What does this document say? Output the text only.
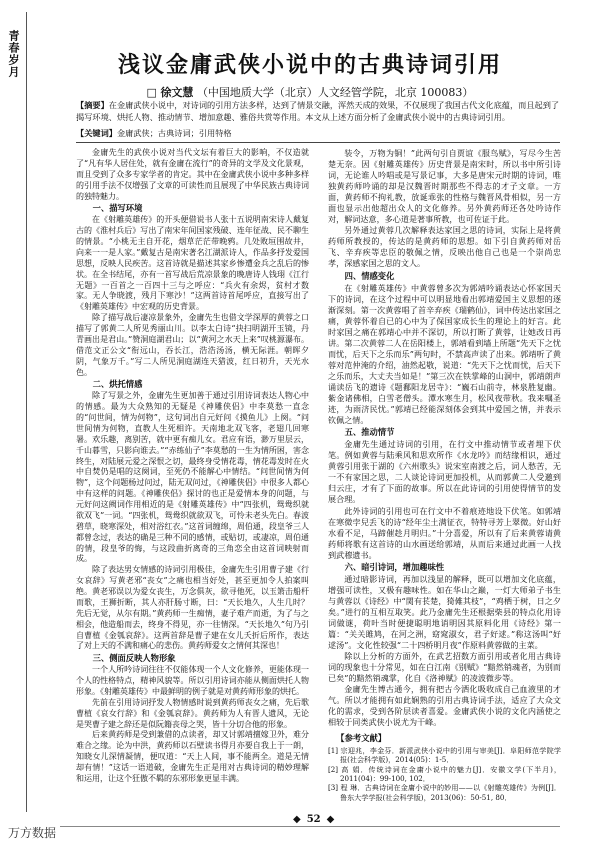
青春岁月	浅议金庸武侠小说中的古典诗词引用
□ 徐文慧 （中国地质大学（北京）人文经管学院，北京 100083）
【摘要】在金庸武侠小说中，对诗词的引用方法多样，达到了情景交融，浑然天成的效果，不仅展现了我国古代文化底蕴，而且起到了揭写环境、烘托人物、推动情节、增加意趣、雅俗共赏等作用。本文从上述方面分析了金庸武侠小说中的古典诗词引用。
【关键词】金庸武侠；古典诗词；引用特格

金庸先生的武侠小说对当代文坛有着巨大的影响，不仅造就了“凡有华人居住处，就有金庸在流行”的奇异的文学及文化景观，而且受到了众多专家学者的肯定。其中在金庸武侠小说中多种多样的引用手法不仅增强了文章的可读性而且展现了中华民族古典诗词的独特魅力。

一、描写环境

在《射雕英雄传》的开头便借说书人张十五说明南宋诗人戴复古的《淮村兵后》写出了南宋年间国家残破、连年征战、民不聊生的情景。“小桃无主自开花，烟草茫茫带晚鸦。几处败垣围故井，向来一一是人家。”戴复古是南宋著名江湖派诗人，作品多抒发爱国思想，反映人民疾苦。这首诗就是描述其家乡惨遭金兵之乱后的惨状。在全书结尾，亦有一首写战后荒凉景象的晚唐诗人钱珝《江行无题》一百首之一百四十三与之呼应：“兵火有余烬，贫村才数家。无人争晓渡，残月下寒沙！”这两首诗首尾呼应，直接写出了《射雕英雄传》中宏观的历史背景。

除了描写战后凄凉景象外，金庸先生也借文学深厚的黄蓉之口描写了郭黄二人所见秀丽山川。以李太白诗“抉扫明湖开玉镜，丹青画出是君山。”赞洞庭湖君山；以“黄河之水天上来”叹桃源瀑布。借范文正公文“衔远山，吞长江，浩浩汤汤，横无际涯。朝晖夕阴，气象万千。”写二人所见洞庭湖连天猎波，红日初升，天光水色。

二、烘托情感

除了写景之外，金庸先生更加善于通过引用诗词表达人物心中的情感。最为大众熟知的无疑是《神雕侠侣》中李莫愁一直念的“问世间，情为何物”，这句词出自元好问《摸鱼儿》上阕。“问世间情为何物，直教人生死相许。天南地北双飞客，老翅几回寒暑。欢乐趣，离别苦，就中更有痴儿女。君应有语，渺万里层云，千山暮雪，只影向谁去。”“赤练仙子”李莫愁的一生为情所困，害念终生，对陆展元爱之深恨之切，最终身受情花毒，情花毒发时在火中自焚仍是唱的这阕词，至死仍不能解心中情结。“问世间情为何物”，这个问题杨过问过，陆无双问过，《神雕侠侣》中很多人都心中有这样的问题。《神雕侠侣》探讨的也正是爱情本身的问题，与元好问这阙词作用相近的是《射雕英雄传》中“四张机，鸳鸯织就欲双飞”一词。“四张机，鸳鸯织就欲双飞，可怜未老头先白。春波碧草，晓寒深处，相对浴红衣。”这首词缠绵，周伯通，段皇爷三人都曾念过，表达的确是三种不同的感情，或贴切，或凄凉，周伯通的情，段皇爷的悔，与这段曲折离奇的三角恋全由这首词映射而成。

除了表达男女情感的诗词引用极佳，金庸先生引用曹子建《行女哀辞》写黄老邪“丧女”之痛也相当好处，甚至更加令人拍案叫绝。黄老邪误以为爱女丧生，万念俱灰，欲寻他死，以玉箫击船杆而歌，王狮折断，其人亦肝肠寸断，曰：“天长地久，人生几时？先后无觉，从尔有期。”黄药师一生痴情，妻子难产而逝，为了与之相会，他造船而去，终身不得见，亦一往情深。“天长地久”句乃引自曹植《金瓠哀辞》。这两首辞是曹子建在女儿夭折后所作，表达了对上天的不满和痛心的悲伤。黄药师爱女之情何其深也！

三、侧面反映人物形象

一个人所吟诗词往往不仅能体现一个人文化修养，更能体现一个人的性格特点，精神风貌等。所以引用诗词亦能从侧面烘托人物形象。《射雕英雄传》中最鲜明的例子就是对黄药师形象的烘托。

先前在引用诗词抒发人物情感时说到黄药师丧女之痛，先后歌曹植《哀女行辞》和《金瓠哀辞》。黄药师为人有晋人遗风，无论是哭曹子建之辞还是似阮籍丧母之哭，皆十分切合他的形象。

后来黄药师是受到兼借的点读者，却又讨郭靖擅嫁卫外，难分难合之缘。论为中洪，黄药师以石壁读书得月亦要自我上于一朗，知晓女儿深情凝情，便叹道：“天上人间，事不能两全。道是无情却有情！”这话一语道破，金庸先生正是用对古典诗词的精妙理解和运用，让这个狂傲不羁的东邪形象更显丰满。

装令，万物为铜！”此两句引自贾谊《服鸟赋》，写尽今生苦楚无奈。因《射雕英雄传》历史背景是南宋时，所以书中所引诗词，无论谁人吟唱或是写景记事，大多是唐宋元时期的诗词，唯独黄药师吟诵的却是汉魏晋时期那些不得志的才子文章。一方面，黄药师不拘礼教，放诞乖张的性格与魏晋风骨相似，另一方面也显示出他超出众人的文化修养。另外黄药师还各处吟诗作对，解词达意，多心道是著事所教，也可佐证于此。

另外通过黄蓉几次解释表达家国之思的诗词，实际上是将黄药师所教授的，传达的是黄药师的思想。如下引自黄药师对岳飞、辛弃疾等忠臣的敬佩之情，反映出他自己也是一个崇尚忠孝，深感家国之思的文人。

四、情感变化

在《射雕英雄传》中黄蓉曾多次为郭靖吟诵表达心怀家国天下的诗词，在这个过程中可以明显地看出郭靖爱国主义思想的逐渐深刻。第一次黄蓉唱了首辛弃疾《瑞鹤仙》，词中传达出家国之痛，黄蓉怀着自已的心中为了保国家成长生的理论上的好言。此时家国之痛在郭靖心中并不深切，所以打断了黄蓉，让她改日再讲。第二次黄蓉二人在岳阳楼上，郭靖看到墙上所题“先天下之忧而忧，后天下之乐而乐”两句时，不禁高声读了出来。郭靖听了黄蓉对范仲淹的介绍，油然起敬，说道：“先天下之忧而忧，后天下之乐而乐，大丈夫当如是！”第三次在铁掌峰的山洞中，郭靖朗声诵读岳飞的遗诗《题鄱阳龙居寺》：“巍石山前寺，林泉胜复幽。紫金诸佛相，白雪老僧头。潭水寒生月，松风夜带秋。我来嘱圣迹，为雨济民忧。”郭靖已经能深刻体会到其中爱国之情，并表示钦佩之情。

五、推动情节

金庸先生通过诗词的引用，在行文中推动情节或者埋下伏笔。例如黄蓉与陆乘风和思欢所作《水龙吟》而结缘相识，通过黄蓉引用张于湖的《六州歌头》说宋室南渡之后，词人愁苦，无一不有家国之思，二人谈论诗词更加投机，从而郭黄二人受邀到归云庄，才有了下面的故事。所以在此诗词的引用使得情节的发展合理。

此外诗词的引用也可在行文中不着痕迹地设下伏笔。如郭靖在寒微孛兒丢飞的诗“经年尘土满征衣，特特寻芳上翠微。好山好水看不足，马蹄催趁月明归。”十分喜爱，所以有了后来黄蓉请黄药师将歌有这首诗的山水画送给郭靖，从而后来通过此画一人找到武穆遗书。

六、暗引诗词，增加趣味性

通过暗影诗词，再加以浅显的解释，既可以增加文化底蕴，增强可读性，又极有趣味性。如在华山之巅，一灯大师弟子书生与黄蓉以《诗经》中“関有苌楚，猗傩其枝”，“鸡栖于树，日之夕矣。”进行的互相互取笑。此乃金庸先生还根据柴县的特点化用诗词做谜，荷叶当时便捷聪明地诮明因其原料化用《诗经》第一篇：“关关雎鸠，在河之洲，窈窕淑女，君子好逑。”称这汤叫“好逑汤”。文化性较强“二十四桥明月夜”作原料黄蓉做的主菜。

除以上分析的方面外，在武艺招数方面引用或者化用古典诗词的现象也十分常见，如在白江南《别赋》“黯然销魂者，为别而已矣”的黯然销魂掌，化自《洛神赋》的凌波微步等。

金庸先生博古通今，拥有把古今洒化吸收成自己血液里的才气。所以才能拥有如此娴熟的引用古典诗词手法，适应了大众文化的需求，受到各阶层读者喜爱。金庸武侠小说的文化内涵使之相较于同类武侠小说尤为干峰。

【参考文献】
[1] 宗迎兆，李金芬．新派武侠小说中的引用与审美[J]．阜阳师范学院学报(社会科学版)，2014(05)：1-5．
[2] 高 娟．传统诗词在金庸小说中的魅力[J]．安徽文学(下半月)，2011(04)：99-100, 102．
[3] 程 琳．古典诗词在金庸小说中的妙用——以《射雕英雄传》为例[J]．鲁东大学学报(社会科学版)，2013(06)：50-51, 80．
◆ 52 ◆
万方数据
